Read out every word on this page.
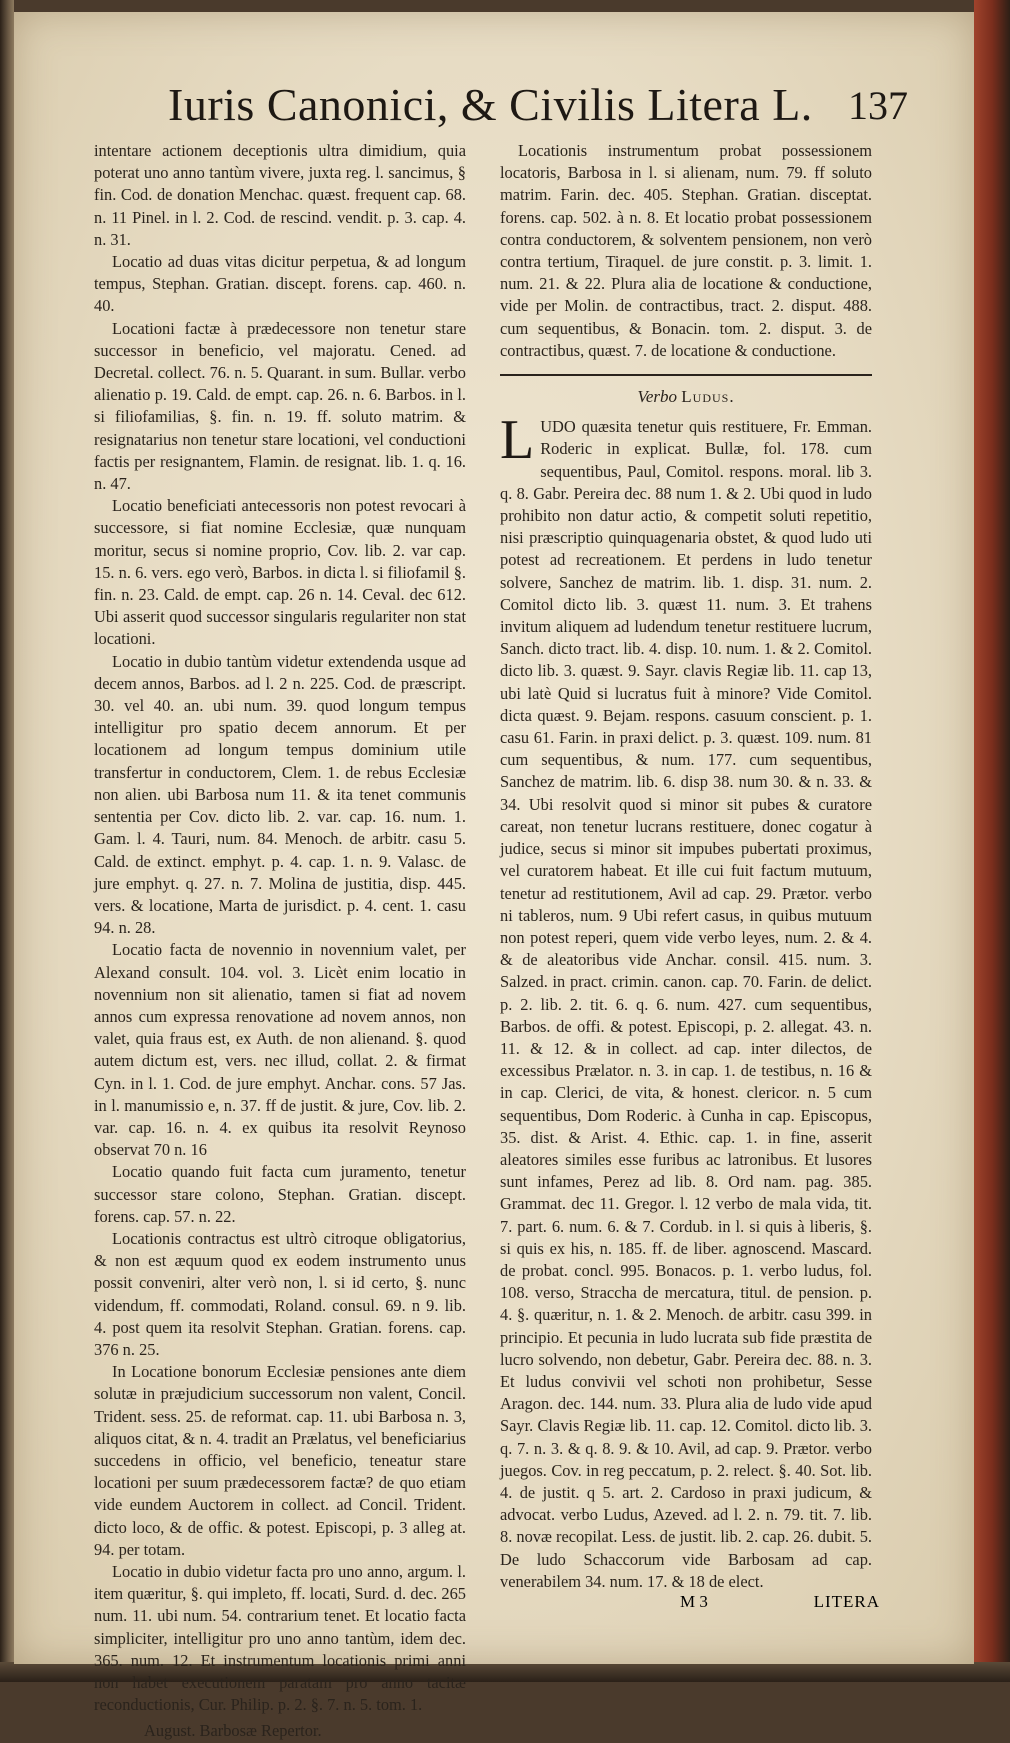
Iuris Canonici, & Civilis Litera L. 137

intentare actionem deceptionis ultra dimidium, quia poterat uno anno tantùm vivere, juxta reg. l. sancimus, § fin. Cod. de donation Menchac. quæst. frequent cap. 68. n. 11 Pinel. in l. 2. Cod. de rescind. vendit. p. 3. cap. 4. n. 31.

Locatio ad duas vitas dicitur perpetua, & ad longum tempus, Stephan. Gratian. discept. forens. cap. 460. n. 40.

Locationi factæ à prædecessore non tenetur stare successor in beneficio, vel majoratu. Cened. ad Decretal. collect. 76. n. 5. Quarant. in sum. Bullar. verbo alienatio p. 19. Cald. de empt. cap. 26. n. 6. Barbos. in l. si filiofamilias, §. fin. n. 19. ff. soluto matrim. & resignatarius non tenetur stare locationi, vel conductioni factis per resignantem, Flamin. de resignat. lib. 1. q. 16. n. 47.

Locatio beneficiati antecessoris non potest revocari à successore, si fiat nomine Ecclesiæ, quæ nunquam moritur, secus si nomine proprio, Cov. lib. 2. var cap. 15. n. 6. vers. ego verò, Barbos. in dicta l. si filiofamil §. fin. n. 23. Cald. de empt. cap. 26 n. 14. Ceval. dec 612. Ubi asserit quod successor singularis regulariter non stat locationi.

Locatio in dubio tantùm videtur extendenda usque ad decem annos, Barbos. ad l. 2 n. 225. Cod. de præscript. 30. vel 40. an. ubi num. 39. quod longum tempus intelligitur pro spatio decem annorum. Et per locationem ad longum tempus dominium utile transfertur in conductorem, Clem. 1. de rebus Ecclesiæ non alien. ubi Barbosa num 11. & ita tenet communis sententia per Cov. dicto lib. 2. var. cap. 16. num. 1. Gam. l. 4. Tauri, num. 84. Menoch. de arbitr. casu 5. Cald. de extinct. emphyt. p. 4. cap. 1. n. 9. Valasc. de jure emphyt. q. 27. n. 7. Molina de justitia, disp. 445. vers. & locatione, Marta de jurisdict. p. 4. cent. 1. casu 94. n. 28.

Locatio facta de novennio in novennium valet, per Alexand consult. 104. vol. 3. Licèt enim locatio in novennium non sit alienatio, tamen si fiat ad novem annos cum expressa renovatione ad novem annos, non valet, quia fraus est, ex Auth. de non alienand. §. quod autem dictum est, vers. nec illud, collat. 2. & firmat Cyn. in l. 1. Cod. de jure emphyt. Anchar. cons. 57 Jas. in l. manumissio e, n. 37. ff de justit. & jure, Cov. lib. 2. var. cap. 16. n. 4. ex quibus ita resolvit Reynoso observat 70 n. 16

Locatio quando fuit facta cum juramento, tenetur successor stare colono, Stephan. Gratian. discept. forens. cap. 57. n. 22.

Locationis contractus est ultrò citroque obligatorius, & non est æquum quod ex eodem instrumento unus possit conveniri, alter verò non, l. si id certo, §. nunc videndum, ff. commodati, Roland. consul. 69. n 9. lib. 4. post quem ita resolvit Stephan. Gratian. forens. cap. 376 n. 25.

In Locatione bonorum Ecclesiæ pensiones ante diem solutæ in præjudicium successorum non valent, Concil. Trident. sess. 25. de reformat. cap. 11. ubi Barbosa n. 3, aliquos citat, & n. 4. tradit an Prælatus, vel beneficiarius succedens in officio, vel beneficio, teneatur stare locationi per suum prædecessorem factæ? de quo etiam vide eundem Auctorem in collect. ad Concil. Trident. dicto loco, & de offic. & potest. Episcopi, p. 3 alleg at. 94. per totam.

Locatio in dubio videtur facta pro uno anno, argum. l. item quæritur, §. qui impleto, ff. locati, Surd. d. dec. 265 num. 11. ubi num. 54. contrarium tenet. Et locatio facta simpliciter, intelligitur pro uno anno tantùm, idem dec. 365. num. 12. Et instrumentum locationis primi anni non habet executionem paratam pro anno tacitæ reconductionis, Cur. Philip. p. 2. §. 7. n. 5. tom. 1.

August. Barbosæ Repertor.

Locationis instrumentum probat possessionem locatoris, Barbosa in l. si alienam, num. 79. ff soluto matrim. Farin. dec. 405. Stephan. Gratian. disceptat. forens. cap. 502. à n. 8. Et locatio probat possessionem contra conductorem, & solventem pensionem, non verò contra tertium, Tiraquel. de jure constit. p. 3. limit. 1. num. 21. & 22. Plura alia de locatione & conductione, vide per Molin. de contractibus, tract. 2. disput. 488. cum sequentibus, & Bonacin. tom. 2. disput. 3. de contractibus, quæst. 7. de locatione & conductione.

Verbo Ludus.

LUDO quæsita tenetur quis restituere, Fr. Emman. Roderic in explicat. Bullæ, fol. 178. cum sequentibus, Paul, Comitol. respons. moral. lib 3. q. 8. Gabr. Pereira dec. 88 num 1. & 2. Ubi quod in ludo prohibito non datur actio, & competit soluti repetitio, nisi præscriptio quinquagenaria obstet, & quod ludo uti potest ad recreationem. Et perdens in ludo tenetur solvere, Sanchez de matrim. lib. 1. disp. 31. num. 2. Comitol dicto lib. 3. quæst 11. num. 3. Et trahens invitum aliquem ad ludendum tenetur restituere lucrum, Sanch. dicto tract. lib. 4. disp. 10. num. 1. & 2. Comitol. dicto lib. 3. quæst. 9. Sayr. clavis Regiæ lib. 11. cap 13, ubi latè Quid si lucratus fuit à minore? Vide Comitol. dicta quæst. 9. Bejam. respons. casuum conscient. p. 1. casu 61. Farin. in praxi delict. p. 3. quæst. 109. num. 81 cum sequentibus, & num. 177. cum sequentibus, Sanchez de matrim. lib. 6. disp 38. num 30. & n. 33. & 34. Ubi resolvit quod si minor sit pubes & curatore careat, non tenetur lucrans restituere, donec cogatur à judice, secus si minor sit impubes pubertati proximus, vel curatorem habeat. Et ille cui fuit factum mutuum, tenetur ad restitutionem, Avil ad cap. 29. Prætor. verbo ni tableros, num. 9 Ubi refert casus, in quibus mutuum non potest reperi, quem vide verbo leyes, num. 2. & 4. & de aleatoribus vide Anchar. consil. 415. num. 3. Salzed. in pract. crimin. canon. cap. 70. Farin. de delict. p. 2. lib. 2. tit. 6. q. 6. num. 427. cum sequentibus, Barbos. de offi. & potest. Episcopi, p. 2. allegat. 43. n. 11. & 12. & in collect. ad cap. inter dilectos, de excessibus Prælator. n. 3. in cap. 1. de testibus, n. 16 & in cap. Clerici, de vita, & honest. clericor. n. 5 cum sequentibus, Dom Roderic. à Cunha in cap. Episcopus, 35. dist. & Arist. 4. Ethic. cap. 1. in fine, asserit aleatores similes esse furibus ac latronibus. Et lusores sunt infames, Perez ad lib. 8. Ord nam. pag. 385. Grammat. dec 11. Gregor. l. 12 verbo de mala vida, tit. 7. part. 6. num. 6. & 7. Cordub. in l. si quis à liberis, §. si quis ex his, n. 185. ff. de liber. agnoscend. Mascard. de probat. concl. 995. Bonacos. p. 1. verbo ludus, fol. 108. verso, Straccha de mercatura, titul. de pension. p. 4. §. quæritur, n. 1. & 2. Menoch. de arbitr. casu 399. in principio. Et pecunia in ludo lucrata sub fide præstita de lucro solvendo, non debetur, Gabr. Pereira dec. 88. n. 3. Et ludus convivii vel schoti non prohibetur, Sesse Aragon. dec. 144. num. 33. Plura alia de ludo vide apud Sayr. Clavis Regiæ lib. 11. cap. 12. Comitol. dicto lib. 3. q. 7. n. 3. & q. 8. 9. & 10. Avil, ad cap. 9. Prætor. verbo juegos. Cov. in reg peccatum, p. 2. relect. §. 40. Sot. lib. 4. de justit. q 5. art. 2. Cardoso in praxi judicum, & advocat. verbo Ludus, Azeved. ad l. 2. n. 79. tit. 7. lib. 8. novæ recopilat. Less. de justit. lib. 2. cap. 26. dubit. 5. De ludo Schaccorum vide Barbosam ad cap. venerabilem 34. num. 17. & 18 de elect.

M 3	LITERA
